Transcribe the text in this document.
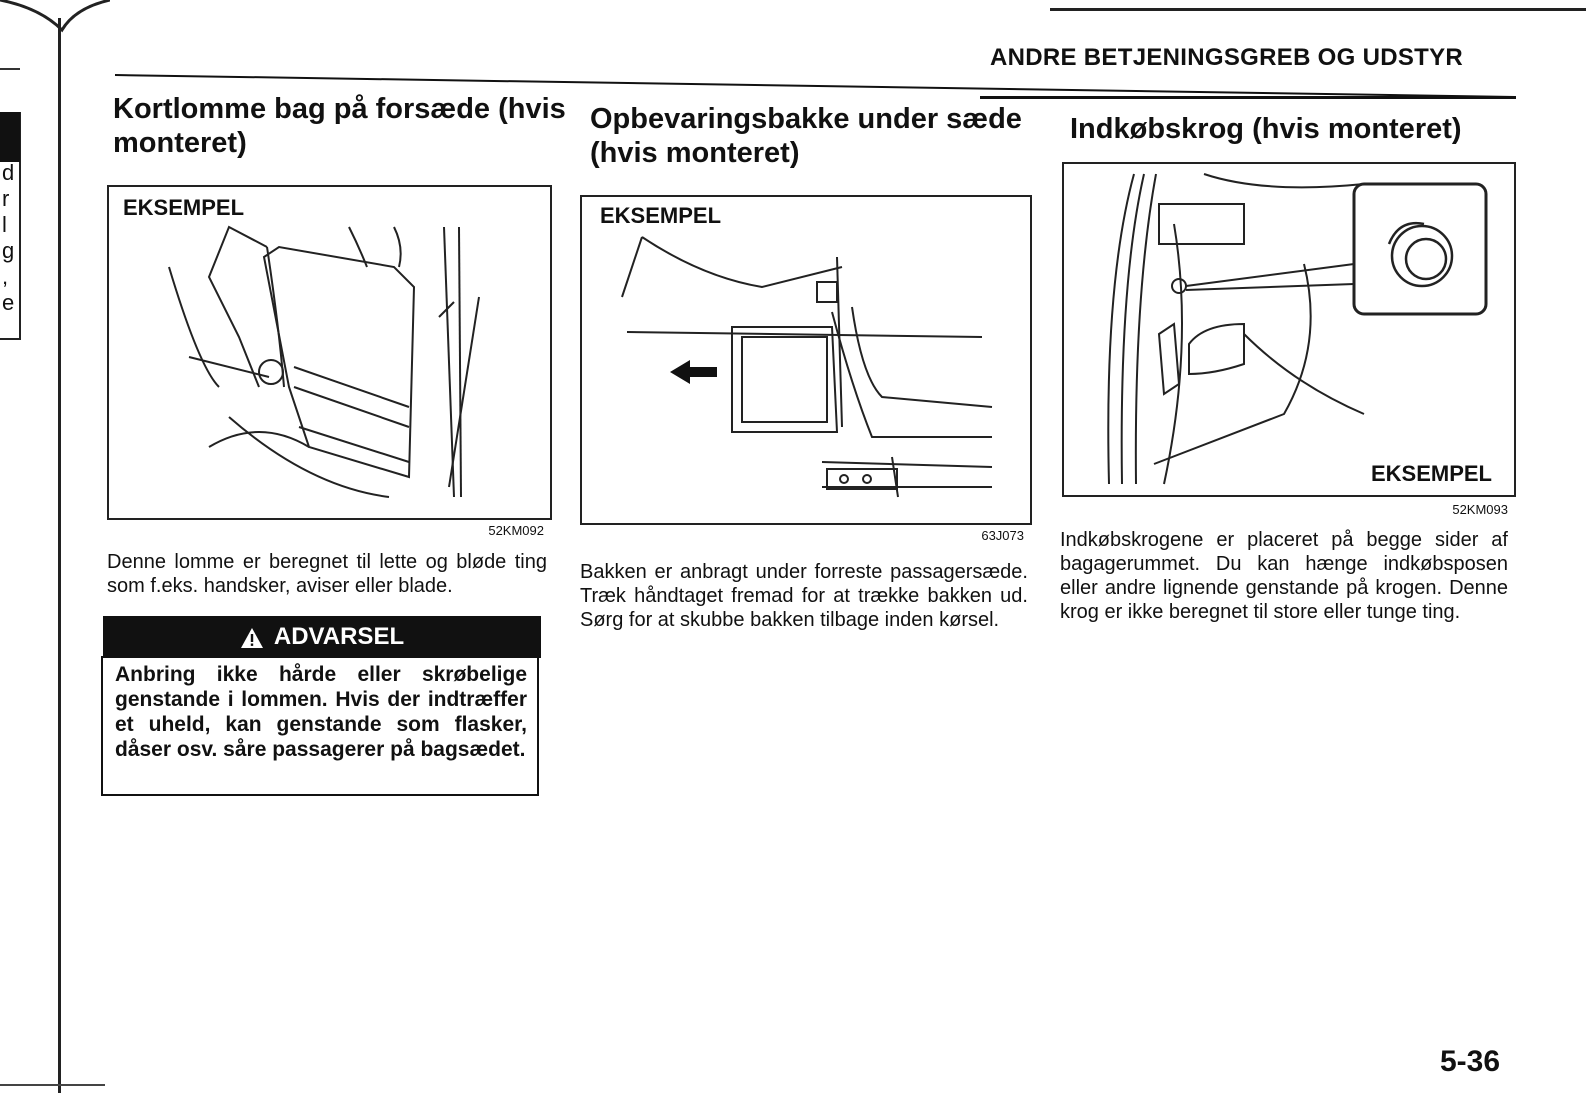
d
r
l
g
,
e
ANDRE BETJENINGSGREB OG UDSTYR
Kortlomme bag på forsæde (hvis monteret)
EKSEMPEL
52KM092
Denne lomme er beregnet til lette og bløde ting som f.eks. handsker, aviser eller blade.
ADVARSEL
Anbring ikke hårde eller skrøbelige genstande i lommen. Hvis der indtræffer et uheld, kan genstande som flasker, dåser osv. såre passagerer på bagsædet.
Opbevaringsbakke under sæde (hvis monteret)
EKSEMPEL
63J073
Bakken er anbragt under forreste passagersæde. Træk håndtaget fremad for at trække bakken ud. Sørg for at skubbe bakken tilbage inden kørsel.
Indkøbskrog (hvis monteret)
EKSEMPEL
52KM093
Indkøbskrogene er placeret på begge sider af bagagerummet. Du kan hænge indkøbsposen eller andre lignende genstande på krogen. Denne krog er ikke beregnet til store eller tunge ting.
5-36
